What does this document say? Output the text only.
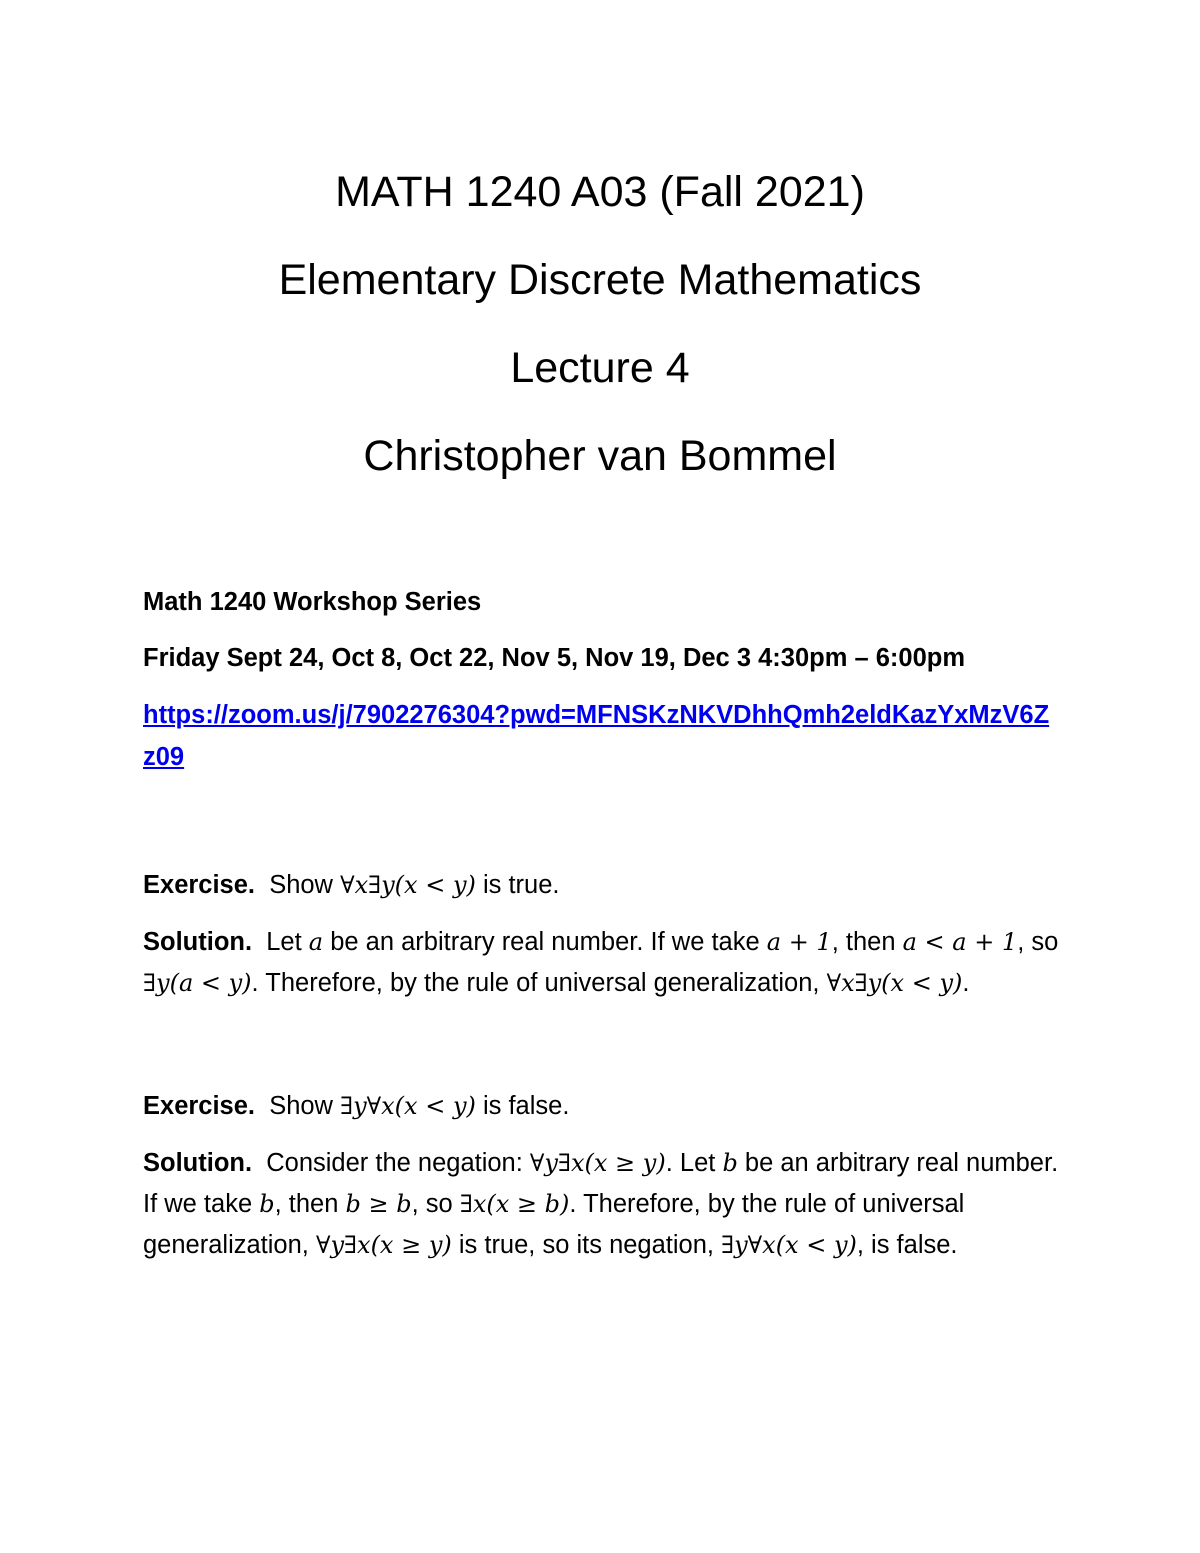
MATH 1240 A03 (Fall 2021)
Elementary Discrete Mathematics
Lecture 4
Christopher van Bommel
Math 1240 Workshop Series
Friday Sept 24, Oct 8, Oct 22, Nov 5, Nov 19, Dec 3 4:30pm – 6:00pm
https://zoom.us/j/7902276304?pwd=MFNSKzNKVDhhQmh2eldKazYxMzV6Zz09
Exercise. Show ∀x∃y(x < y) is true.
Solution. Let a be an arbitrary real number. If we take a + 1, then a < a + 1, so ∃y(a < y). Therefore, by the rule of universal generalization, ∀x∃y(x < y).
Exercise. Show ∃y∀x(x < y) is false.
Solution. Consider the negation: ∀y∃x(x ≥ y). Let b be an arbitrary real number. If we take b, then b ≥ b, so ∃x(x ≥ b). Therefore, by the rule of universal generalization, ∀y∃x(x ≥ y) is true, so its negation, ∃y∀x(x < y), is false.
